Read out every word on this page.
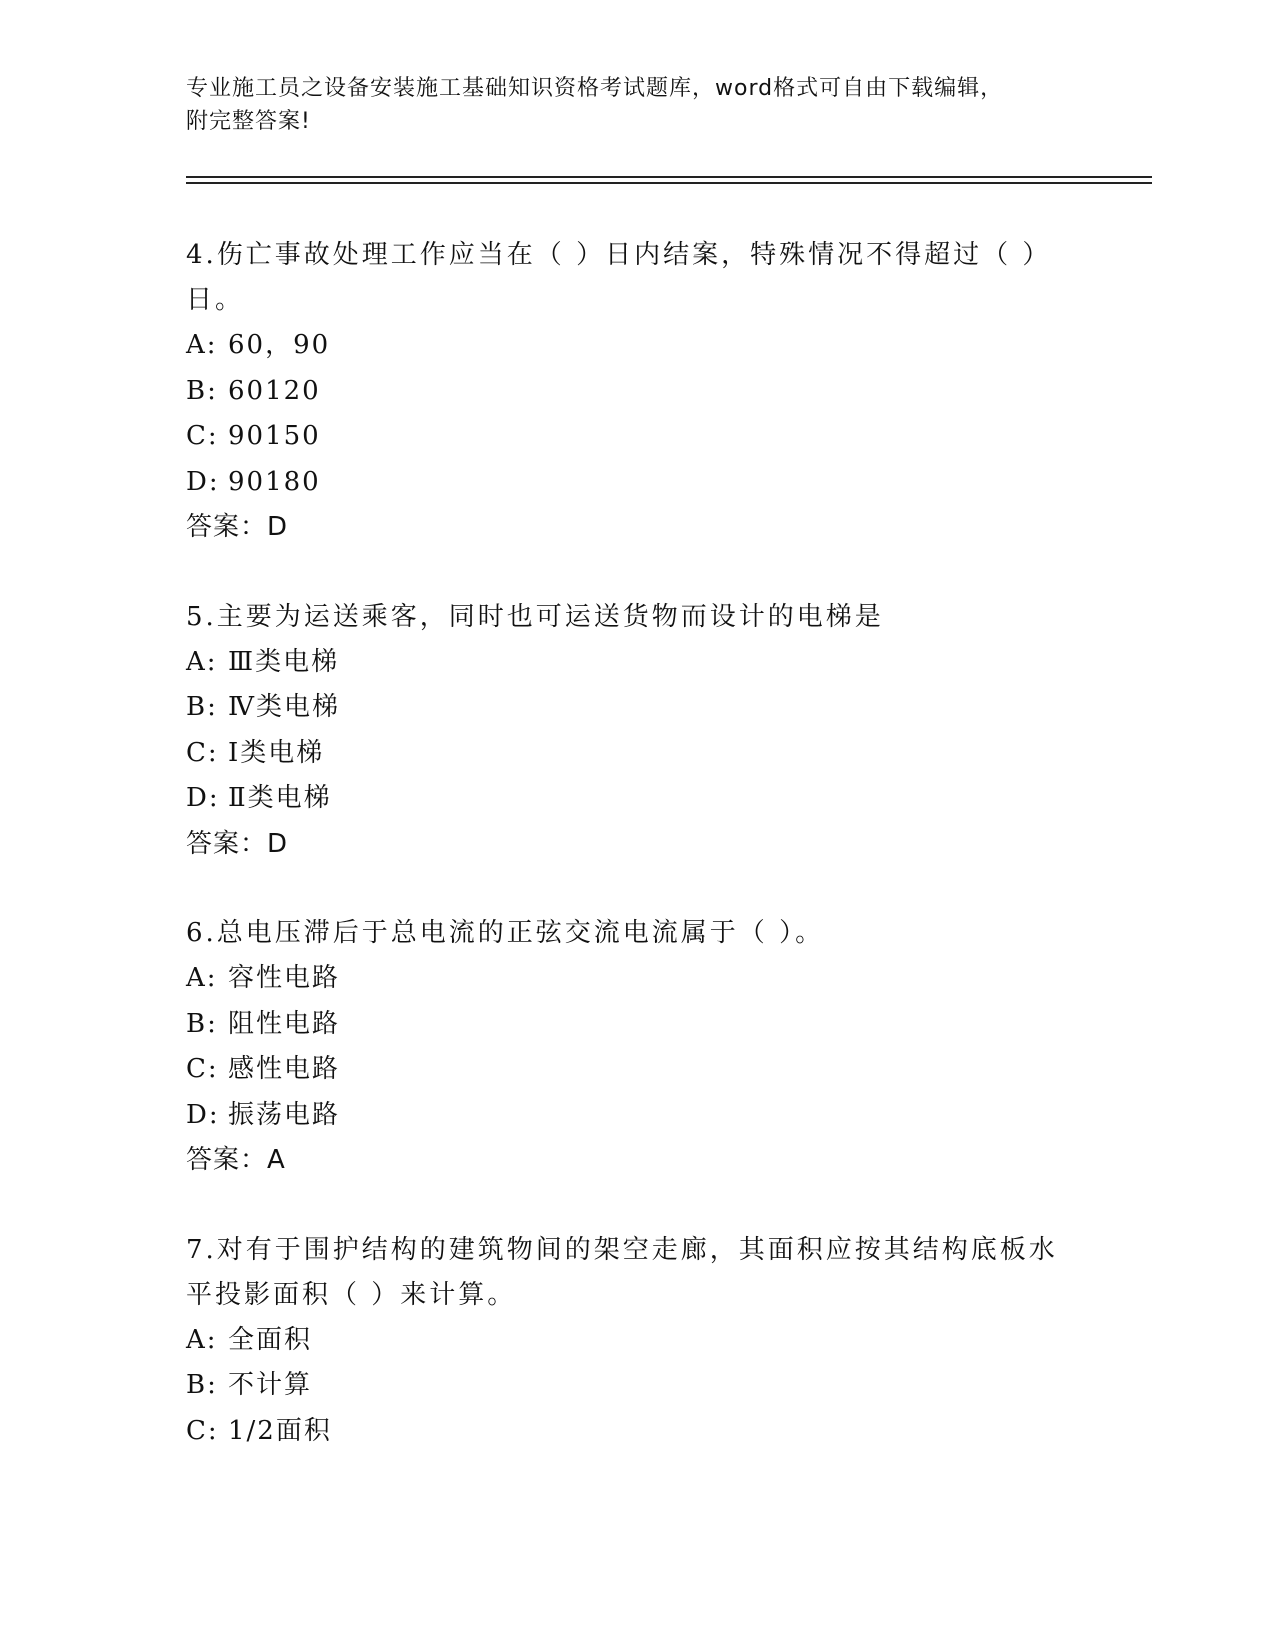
专业施工员之设备安装施工基础知识资格考试题库，word格式可自由下载编辑，
附完整答案!

4.伤亡事故处理工作应当在（ ）日内结案，特殊情况不得超过（ ）日。

A: 60，90

B: 60120

C: 90150

D: 90180

答案：D

5.主要为运送乘客，同时也可运送货物而设计的电梯是

A: Ⅲ类电梯

B: Ⅳ类电梯

C: Ⅰ类电梯

D: Ⅱ类电梯

答案：D

6.总电压滞后于总电流的正弦交流电流属于（ ）。

A: 容性电路

B: 阻性电路

C: 感性电路

D: 振荡电路

答案：A

7.对有于围护结构的建筑物间的架空走廊，其面积应按其结构底板水平投影面积（ ）来计算。

A: 全面积

B: 不计算

C: 1/2面积
